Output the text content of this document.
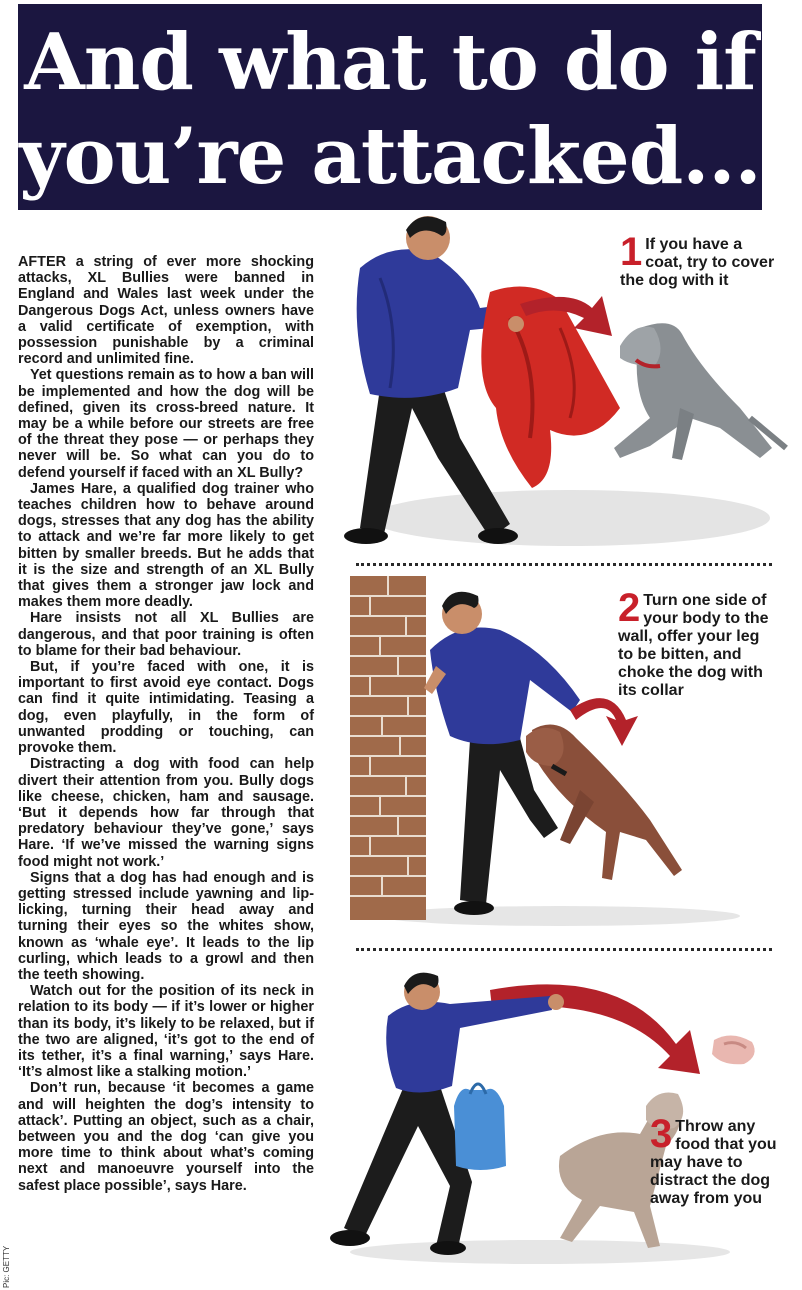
And what to do if
you’re attacked...

AFTER a string of ever more shocking attacks, XL Bullies were banned in England and Wales last week under the Dangerous Dogs Act, unless owners have a valid certificate of exemption, with possession punishable by a criminal record and unlimited fine.

Yet questions remain as to how a ban will be implemented and how the dog will be defined, given its cross-breed nature. It may be a while before our streets are free of the threat they pose — or perhaps they never will be. So what can you do to defend yourself if faced with an XL Bully?

James Hare, a qualified dog trainer who teaches children how to behave around dogs, stresses that any dog has the ability to attack and we’re far more likely to get bitten by smaller breeds. But he adds that it is the size and strength of an XL Bully that gives them a stronger jaw lock and makes them more deadly.

Hare insists not all XL Bullies are dangerous, and that poor training is often to blame for their bad behaviour.

But, if you’re faced with one, it is important to first avoid eye contact. Dogs can find it quite intimidating. Teasing a dog, even playfully, in the form of unwanted prodding or touching, can provoke them.

Distracting a dog with food can help divert their attention from you. Bully dogs like cheese, chicken, ham and sausage. ‘But it depends how far through that predatory behaviour they’ve gone,’ says Hare. ‘If we’ve missed the warning signs food might not work.’

Signs that a dog has had enough and is getting stressed include yawning and lip-licking, turning their head away and turning their eyes so the whites show, known as ‘whale eye’. It leads to the lip curling, which leads to a growl and then the teeth showing.

Watch out for the position of its neck in relation to its body — if it’s lower or higher than its body, it’s likely to be relaxed, but if the two are aligned, ‘it’s got to the end of its tether, it’s a final warning,’ says Hare. ‘It’s almost like a stalking motion.’

Don’t run, because ‘it becomes a game and will heighten the dog’s intensity to attack’. Putting an object, such as a chair, between you and the dog ‘can give you more time to think about what’s coming next and manoeuvre yourself into the safest place possible’, says Hare.

1 If you have a coat, try to cover the dog with it
2 Turn one side of your body to the wall, offer your leg to be bitten, and choke the dog with its collar
3 Throw any food that you may have to distract the dog away from you
Pic: GETTY
